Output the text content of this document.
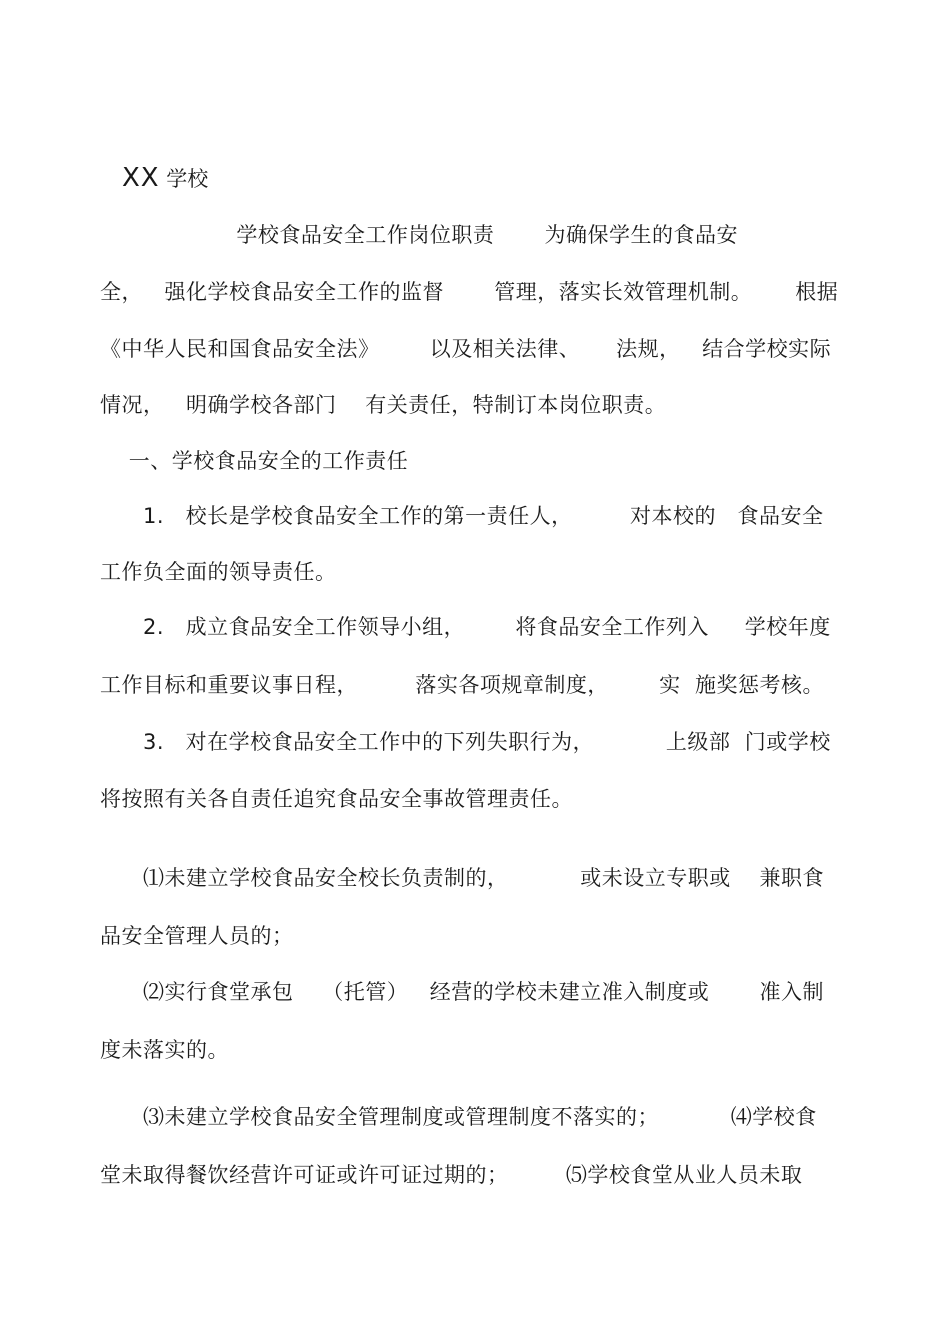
XX 学校
学校食品安全工作岗位职责       为确保学生的食品安
全，   强化学校食品安全工作的监督       管理，落实长效管理机制。      根据
《中华人民和国食品安全法》       以及相关法律、     法规，   结合学校实际
情况，   明确学校各部门    有关责任，特制订本岗位职责。
一、学校食品安全的工作责任
1.   校长是学校食品安全工作的第一责任人，        对本校的   食品安全
工作负全面的领导责任。
2.   成立食品安全工作领导小组，       将食品安全工作列入     学校年度
工作目标和重要议事日程，        落实各项规章制度，       实  施奖惩考核。
3.   对在学校食品安全工作中的下列失职行为，          上级部  门或学校
将按照有关各自责任追究食品安全事故管理责任。
⑴未建立学校食品安全校长负责制的，          或未设立专职或    兼职食
品安全管理人员的；
⑵实行食堂承包    （托管）   经营的学校未建立准入制度或       准入制
度未落实的。
⑶未建立学校食品安全管理制度或管理制度不落实的；          ⑷学校食
堂未取得餐饮经营许可证或许可证过期的；        ⑸学校食堂从业人员未取
